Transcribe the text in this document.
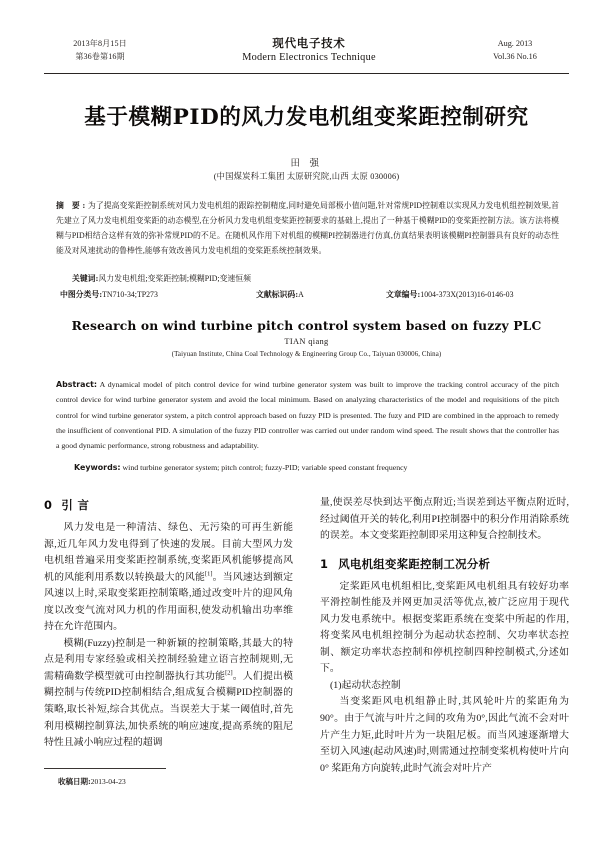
2013年8月15日
第36卷第16期
现代电子技术
Modern Electronics Technique
Aug. 2013
Vol.36 No.16
基于模糊PID的风力发电机组变桨距控制研究
田 强
(中国煤炭科工集团 太原研究院,山西 太原 030006)
摘 要:为了提高变桨距控制系统对风力发电机组的跟踪控制精度,同时避免局部极小值问题,针对常规PID控制难以实现风力发电机组控制效果,首先建立了风力发电机组变桨距的动态模型,在分析风力发电机组变桨距控制要求的基础上,提出了一种基于模糊PID的变桨距控制方法。该方法将模糊与PID相结合这样有效的弥补常规PID的不足。在随机风作用下对机组的模糊PI控制器进行仿真,仿真结果表明该模糊PI控制器具有良好的动态性能及对风速扰动的鲁棒性,能够有效改善风力发电机组的变桨距系统控制效果。
关键词:风力发电机组;变桨距控制;模糊PID;变速恒频
中图分类号:TN710-34;TP273	文献标识码:A	文章编号:1004-373X(2013)16-0146-03
Research on wind turbine pitch control system based on fuzzy PLC
TIAN qiang
(Taiyuan Institute, China Coal Technology & Engineering Group Co., Taiyuan 030006, China)
Abstract: A dynamical model of pitch control device for wind turbine generator system was built to improve the tracking control accuracy of the pitch control device for wind turbine generator system and avoid the local minimum. Based on analyzing characteristics of the model and requisitions of the pitch control for wind turbine generator system, a pitch control approach based on fuzzy PID is presented. The fuzy and PID are combined in the approach to remedy the insufficient of conventional PID. A simulation of the fuzzy PID controller was carried out under random wind speed. The result shows that the controller has a good dynamic performance, strong robustness and adaptability.
Keywords: wind turbine generator system; pitch control; fuzzy-PID; variable speed constant frequency
0 引 言

风力发电是一种清洁、绿色、无污染的可再生新能源,近几年风力发电得到了快速的发展。目前大型风力发电机组普遍采用变桨距控制系统,变桨距风机能够提高风机的风能利用系数以转换最大的风能[1]。当风速达到额定风速以上时,采取变桨距控制策略,通过改变叶片的迎风角度以改变气流对风力机的作用面积,使发动机输出功率维持在允许范围内。

模糊(Fuzzy)控制是一种新颖的控制策略,其最大的特点是利用专家经验或相关控制经验建立语言控制规则,无需精确数学模型就可由控制器执行其功能[2]。人们提出模糊控制与传统PID控制相结合,组成复合模糊PID控制器的策略,取长补短,综合其优点。当误差大于某一阈值时,首先利用模糊控制算法,加快系统的响应速度,提高系统的阻尼特性且减小响应过程的超调

量,使误差尽快到达平衡点附近;当误差到达平衡点附近时,经过阈值开关的转化,利用PI控制器中的积分作用消除系统的误差。本文变桨距控制即采用这种复合控制技术。

1 风电机组变桨距控制工况分析

定桨距风电机组相比,变桨距风电机组具有较好功率平滑控制性能及并网更加灵活等优点,被广泛应用于现代风力发电系统中。根据变桨距系统在变桨中所起的作用,将变桨风电机组控制分为起动状态控制、欠功率状态控制、额定功率状态控制和停机控制四种控制模式,分述如下。

(1)起动状态控制

当变桨距风电机组静止时,其风轮叶片的桨距角为90°。由于气流与叶片之间的攻角为0°,因此气流不会对叶片产生力矩,此时叶片为一块阻尼板。而当风速逐渐增大至切入风速(起动风速)时,则需通过控制变桨机构使叶片向 0° 桨距角方向旋转,此时气流会对叶片产

收稿日期:2013-04-23
